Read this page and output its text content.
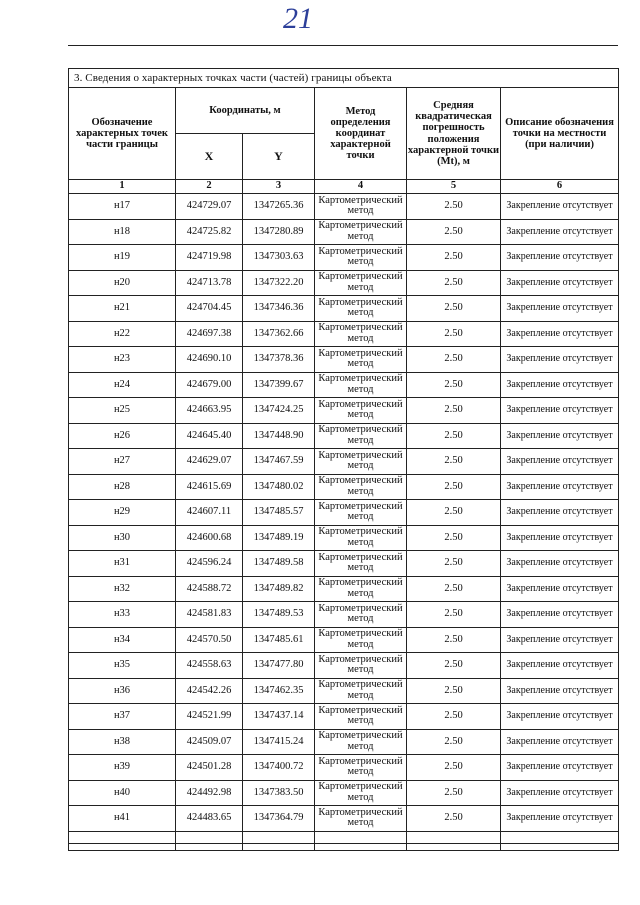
21
3. Сведения о характерных точках части (частей) границы объекта					
Обозначение характерных точек части границы	Координаты, м		Метод определения координат характерной точки	Средняя квадратическая погрешность положения характерной точки (Mt), м	Описание обозначения точки на местности (при наличии)
	X	Y			
1	2	3	4	5	6
н17	424729.07	1347265.36	Картометрический метод	2.50	Закрепление отсутствует
н18	424725.82	1347280.89	Картометрический метод	2.50	Закрепление отсутствует
н19	424719.98	1347303.63	Картометрический метод	2.50	Закрепление отсутствует
н20	424713.78	1347322.20	Картометрический метод	2.50	Закрепление отсутствует
н21	424704.45	1347346.36	Картометрический метод	2.50	Закрепление отсутствует
н22	424697.38	1347362.66	Картометрический метод	2.50	Закрепление отсутствует
н23	424690.10	1347378.36	Картометрический метод	2.50	Закрепление отсутствует
н24	424679.00	1347399.67	Картометрический метод	2.50	Закрепление отсутствует
н25	424663.95	1347424.25	Картометрический метод	2.50	Закрепление отсутствует
н26	424645.40	1347448.90	Картометрический метод	2.50	Закрепление отсутствует
н27	424629.07	1347467.59	Картометрический метод	2.50	Закрепление отсутствует
н28	424615.69	1347480.02	Картометрический метод	2.50	Закрепление отсутствует
н29	424607.11	1347485.57	Картометрический метод	2.50	Закрепление отсутствует
н30	424600.68	1347489.19	Картометрический метод	2.50	Закрепление отсутствует
н31	424596.24	1347489.58	Картометрический метод	2.50	Закрепление отсутствует
н32	424588.72	1347489.82	Картометрический метод	2.50	Закрепление отсутствует
н33	424581.83	1347489.53	Картометрический метод	2.50	Закрепление отсутствует
н34	424570.50	1347485.61	Картометрический метод	2.50	Закрепление отсутствует
н35	424558.63	1347477.80	Картометрический метод	2.50	Закрепление отсутствует
н36	424542.26	1347462.35	Картометрический метод	2.50	Закрепление отсутствует
н37	424521.99	1347437.14	Картометрический метод	2.50	Закрепление отсутствует
н38	424509.07	1347415.24	Картометрический метод	2.50	Закрепление отсутствует
н39	424501.28	1347400.72	Картометрический метод	2.50	Закрепление отсутствует
н40	424492.98	1347383.50	Картометрический метод	2.50	Закрепление отсутствует
н41	424483.65	1347364.79	Картометрический метод	2.50	Закрепление отсутствует
